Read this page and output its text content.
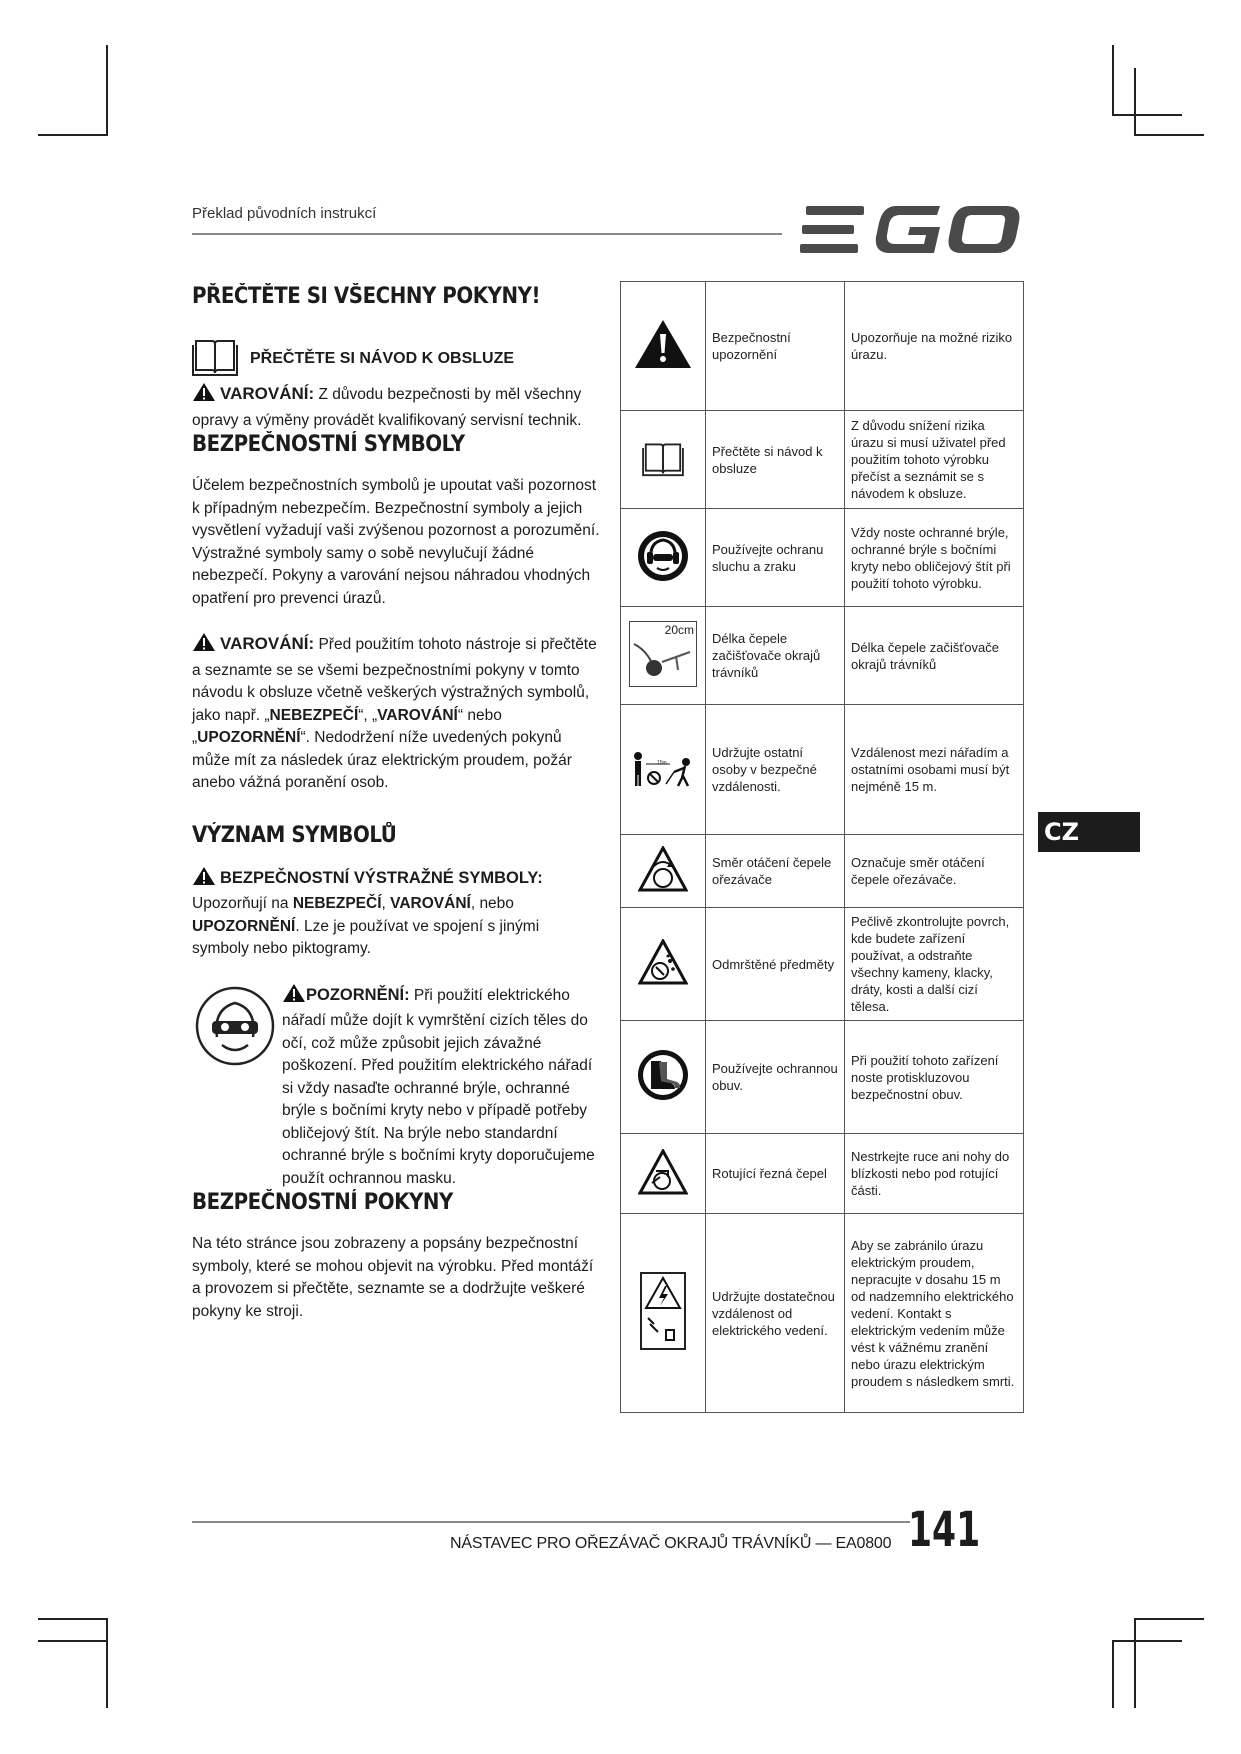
Překlad původních instrukcí
CZ
PŘEČTĚTE SI VŠECHNY POKYNY!
PŘEČTĚTE SI NÁVOD K OBSLUZE

VAROVÁNÍ: Z důvodu bezpečnosti by měl všechny opravy a výměny provádět kvalifikovaný servisní technik.

BEZPEČNOSTNÍ SYMBOLY

Účelem bezpečnostních symbolů je upoutat vaši pozornost k případným nebezpečím. Bezpečnostní symboly a jejich vysvětlení vyžadují vaši zvýšenou pozornost a porozumění. Výstražné symboly samy o sobě nevylučují žádné nebezpečí. Pokyny a varování nejsou náhradou vhodných opatření pro prevenci úrazů.

VAROVÁNÍ: Před použitím tohoto nástroje si přečtěte a seznamte se se všemi bezpečnostními pokyny v tomto návodu k obsluze včetně veškerých výstražných symbolů, jako např. „NEBEZPEČÍ“, „VAROVÁNÍ“ nebo „UPOZORNĚNÍ“. Nedodržení níže uvedených pokynů může mít za následek úraz elektrickým proudem, požár anebo vážná poranění osob.

VÝZNAM SYMBOLŮ

BEZPEČNOSTNÍ VÝSTRAŽNÉ SYMBOLY:
Upozorňují na NEBEZPEČÍ, VAROVÁNÍ, nebo UPOZORNĚNÍ. Lze je používat ve spojení s jinými symboly nebo piktogramy.

POZORNĚNÍ: Při použití elektrického nářadí může dojít k vymrštění cizích těles do očí, což může způsobit jejich závažné poškození. Před použitím elektrického nářadí si vždy nasaďte ochranné brýle, ochranné brýle s bočními kryty nebo v případě potřeby obličejový štít. Na brýle nebo standardní ochranné brýle s bočními kryty doporučujeme použít ochrannou masku.
BEZPEČNOSTNÍ POKYNY

Na této stránce jsou zobrazeny a popsány bezpečnostní symboly, které se mohou objevit na výrobku. Před montáží a provozem si přečtěte, seznamte se a dodržujte veškeré pokyny ke stroji.

	Bezpečnostní upozornění	Upozorňuje na možné riziko úrazu.
	Přečtěte si návod k obsluze	Z důvodu snížení rizika úrazu si musí uživatel před použitím tohoto výrobku přečíst a seznámit se s návodem k obsluze.
	Používejte ochranu sluchu a zraku	Vždy noste ochranné brýle, ochranné brýle s bočními kryty nebo obličejový štít při použití tohoto výrobku.

20cm	Délka čepele začišťovače okrajů trávníků	Délka čepele začišťovače okrajů trávníků

15m	Udržujte ostatní osoby v bezpečné vzdálenosti.	Vzdálenost mezi nářadím a ostatními osobami musí být nejméně 15 m.
	Směr otáčení čepele ořezávače	Označuje směr otáčení čepele ořezávače.
	Odmrštěné předměty	Pečlivě zkontrolujte povrch, kde budete zařízení používat, a odstraňte všechny kameny, klacky, dráty, kosti a další cizí tělesa.
	Používejte ochrannou obuv.	Při použití tohoto zařízení noste protiskluzovou bezpečnostní obuv.
	Rotující řezná čepel	Nestrkejte ruce ani nohy do blízkosti nebo pod rotující části.
	Udržujte dostatečnou vzdálenost od elektrického vedení.	Aby se zabránilo úrazu elektrickým proudem, nepracujte v dosahu 15 m od nadzemního elektrického vedení. Kontakt s elektrickým vedením může vést k vážnému zranění nebo úrazu elektrickým proudem s následkem smrti.
NÁSTAVEC PRO OŘEZÁVAČ OKRAJŮ TRÁVNÍKŮ — EA0800 141
